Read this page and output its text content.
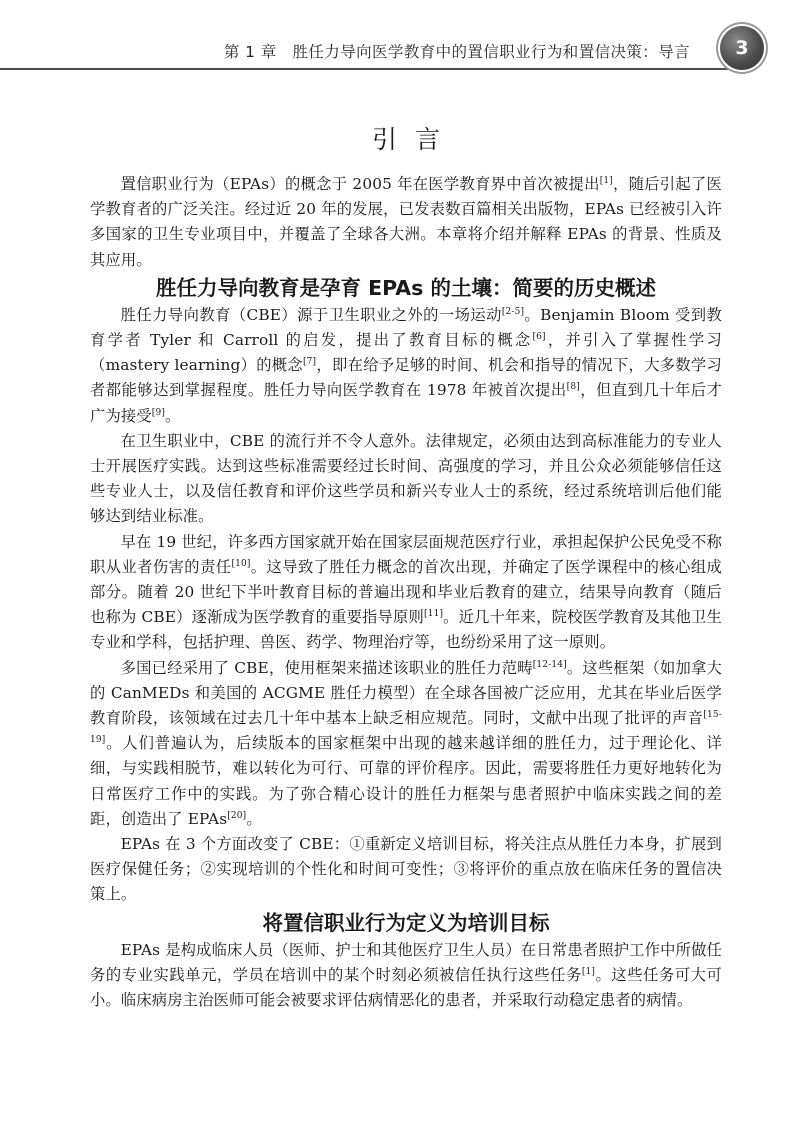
第 1 章　胜任力导向医学教育中的置信职业行为和置信决策：导言	3
引言

置信职业行为（EPAs）的概念于 2005 年在医学教育界中首次被提出[1]，随后引起了医学教育者的广泛关注。经过近 20 年的发展，已发表数百篇相关出版物，EPAs 已经被引入许多国家的卫生专业项目中，并覆盖了全球各大洲。本章将介绍并解释 EPAs 的背景、性质及其应用。

胜任力导向教育是孕育 EPAs 的土壤：简要的历史概述

胜任力导向教育（CBE）源于卫生职业之外的一场运动[2-5]。Benjamin Bloom 受到教育学者 Tyler 和 Carroll 的启发，提出了教育目标的概念[6]，并引入了掌握性学习（mastery learning）的概念[7]，即在给予足够的时间、机会和指导的情况下，大多数学习者都能够达到掌握程度。胜任力导向医学教育在 1978 年被首次提出[8]，但直到几十年后才广为接受[9]。

在卫生职业中，CBE 的流行并不令人意外。法律规定，必须由达到高标准能力的专业人士开展医疗实践。达到这些标准需要经过长时间、高强度的学习，并且公众必须能够信任这些专业人士，以及信任教育和评价这些学员和新兴专业人士的系统，经过系统培训后他们能够达到结业标准。

早在 19 世纪，许多西方国家就开始在国家层面规范医疗行业，承担起保护公民免受不称职从业者伤害的责任[10]。这导致了胜任力概念的首次出现，并确定了医学课程中的核心组成部分。随着 20 世纪下半叶教育目标的普遍出现和毕业后教育的建立，结果导向教育（随后也称为 CBE）逐渐成为医学教育的重要指导原则[11]。近几十年来，院校医学教育及其他卫生专业和学科，包括护理、兽医、药学、物理治疗等，也纷纷采用了这一原则。

多国已经采用了 CBE，使用框架来描述该职业的胜任力范畴[12-14]。这些框架（如加拿大的 CanMEDs 和美国的 ACGME 胜任力模型）在全球各国被广泛应用，尤其在毕业后医学教育阶段，该领域在过去几十年中基本上缺乏相应规范。同时，文献中出现了批评的声音[15-19]。人们普遍认为，后续版本的国家框架中出现的越来越详细的胜任力，过于理论化、详细，与实践相脱节，难以转化为可行、可靠的评价程序。因此，需要将胜任力更好地转化为日常医疗工作中的实践。为了弥合精心设计的胜任力框架与患者照护中临床实践之间的差距，创造出了 EPAs[20]。

EPAs 在 3 个方面改变了 CBE：①重新定义培训目标，将关注点从胜任力本身，扩展到医疗保健任务；②实现培训的个性化和时间可变性；③将评价的重点放在临床任务的置信决策上。

将置信职业行为定义为培训目标

EPAs 是构成临床人员（医师、护士和其他医疗卫生人员）在日常患者照护工作中所做任务的专业实践单元，学员在培训中的某个时刻必须被信任执行这些任务[1]。这些任务可大可小。临床病房主治医师可能会被要求评估病情恶化的患者，并采取行动稳定患者的病情。
